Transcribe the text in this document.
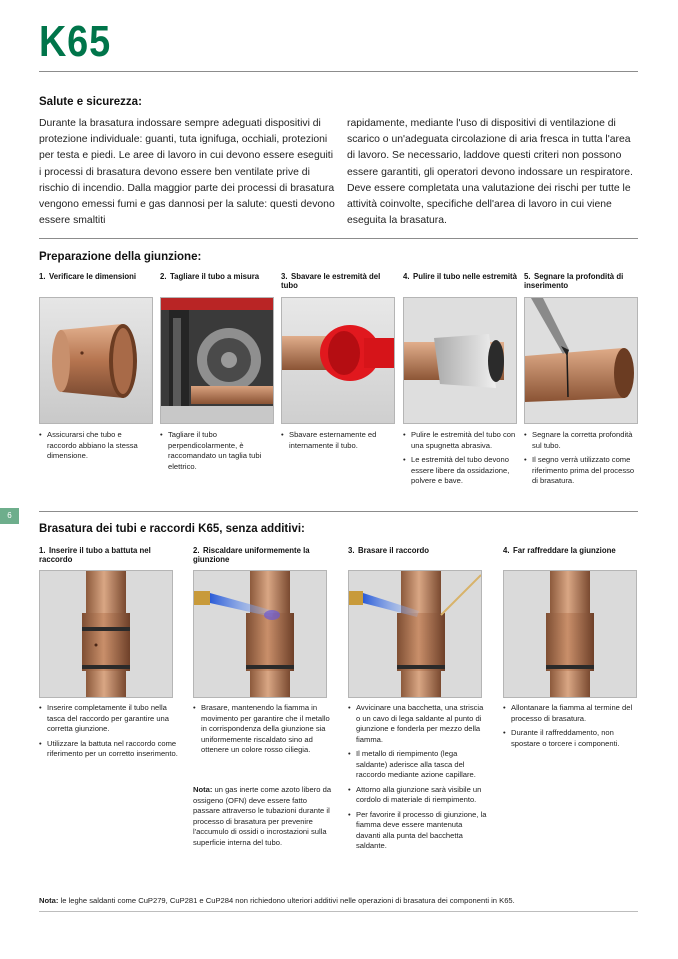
K65
6
Salute e sicurezza:

Durante la brasatura indossare sempre adeguati dispositivi di protezione individuale: guanti, tuta ignifuga, occhiali, protezioni per testa e piedi. Le aree di lavoro in cui devono essere eseguiti i processi di brasatura devono essere ben ventilate prive di rischio di incendio. Dalla maggior parte dei processi di brasatura vengono emessi fumi e gas dannosi per la salute: questi devono essere smaltiti

rapidamente, mediante l'uso di dispositivi di ventilazione di scarico o un'adeguata circolazione di aria fresca in tutta l'area di lavoro. Se necessario, laddove questi criteri non possono essere garantiti, gli operatori devono indossare un respiratore. Deve essere completata una valutazione dei rischi per tutte le attività coinvolte, specifiche dell'area di lavoro in cui viene eseguita la brasatura.

Preparazione della giunzione:
1. Verificare le dimensioni
• Assicurarsi che tubo e raccordo abbiano la stessa dimensione.
2. Tagliare il tubo a misura
• Tagliare il tubo perpendicolarmente, è raccomandato un taglia tubi elettrico.
3. Sbavare le estremità del tubo
• Sbavare esternamente ed internamente il tubo.
4. Pulire il tubo nelle estremità
• Pulire le estremità del tubo con una spugnetta abrasiva.
• Le estremità del tubo devono essere libere da ossidazione, polvere e bave.
5. Segnare la profondità di inserimento
• Segnare la corretta profondità sul tubo.
• Il segno verrà utilizzato come riferimento prima del processo di brasatura.
Brasatura dei tubi e raccordi K65, senza additivi:
1. Inserire il tubo a battuta nel raccordo
• Inserire completamente il tubo nella tasca del raccordo per garantire una corretta giunzione.
• Utilizzare la battuta nel raccordo come riferimento per un corretto inserimento.
2. Riscaldare uniformemente la giunzione
• Brasare, mantenendo la fiamma in movimento per garantire che il metallo in corrispondenza della giunzione sia uniformemente riscaldato sino ad ottenere un colore rosso ciliegia.

Nota: un gas inerte come azoto libero da ossigeno (OFN) deve essere fatto passare attraverso le tubazioni durante il processo di brasatura per prevenire l'accumulo di ossidi o incrostazioni sulla superficie interna del tubo.

3. Brasare il raccordo
• Avvicinare una bacchetta, una striscia o un cavo di lega saldante al punto di giunzione e fonderla per mezzo della fiamma.
• Il metallo di riempimento (lega saldante) aderisce alla tasca del raccordo mediante azione capillare.
• Attorno alla giunzione sarà visibile un cordolo di materiale di riempimento.
• Per favorire il processo di giunzione, la fiamma deve essere mantenuta davanti alla punta del bacchetta saldante.
4. Far raffreddare la giunzione
• Allontanare la fiamma al termine del processo di brasatura.
• Durante il raffreddamento, non spostare o torcere i componenti.

Nota: le leghe saldanti come CuP279, CuP281 e CuP284 non richiedono ulteriori additivi nelle operazioni di brasatura dei componenti in K65.
